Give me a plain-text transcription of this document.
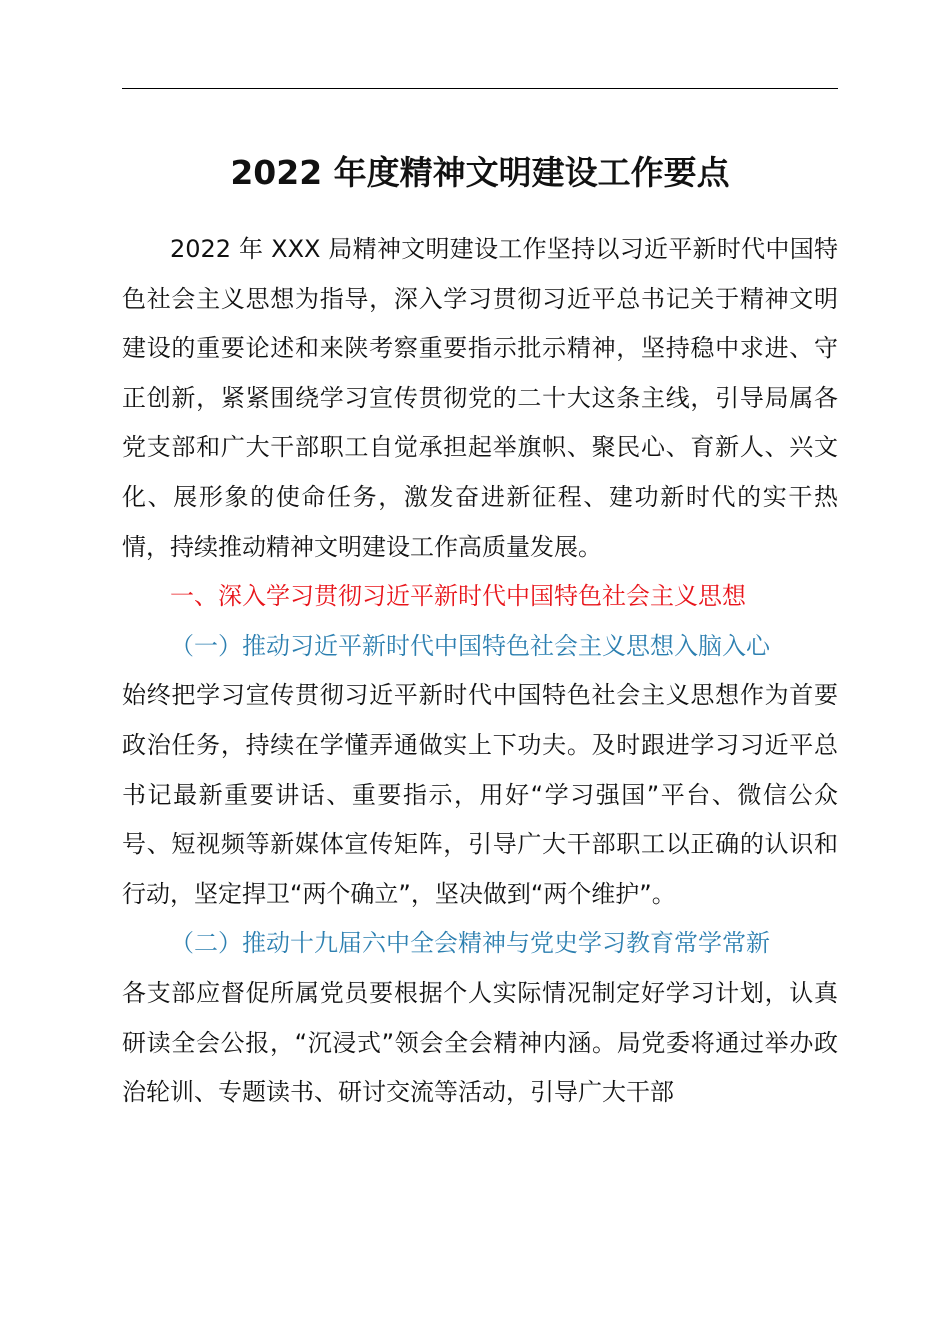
2022 年度精神文明建设工作要点

2022 年 XXX 局精神文明建设工作坚持以习近平新时代中国特色社会主义思想为指导，深入学习贯彻习近平总书记关于精神文明建设的重要论述和来陕考察重要指示批示精神，坚持稳中求进、守正创新，紧紧围绕学习宣传贯彻党的二十大这条主线，引导局属各党支部和广大干部职工自觉承担起举旗帜、聚民心、育新人、兴文化、展形象的使命任务，激发奋进新征程、建功新时代的实干热情，持续推动精神文明建设工作高质量发展。

一、深入学习贯彻习近平新时代中国特色社会主义思想

（一）推动习近平新时代中国特色社会主义思想入脑入心

始终把学习宣传贯彻习近平新时代中国特色社会主义思想作为首要政治任务，持续在学懂弄通做实上下功夫。及时跟进学习习近平总书记最新重要讲话、重要指示，用好“学习强国”平台、微信公众号、短视频等新媒体宣传矩阵，引导广大干部职工以正确的认识和行动，坚定捍卫“两个确立”，坚决做到“两个维护”。

（二）推动十九届六中全会精神与党史学习教育常学常新

各支部应督促所属党员要根据个人实际情况制定好学习计划，认真研读全会公报，“沉浸式”领会全会精神内涵。局党委将通过举办政治轮训、专题读书、研讨交流等活动，引导广大干部
